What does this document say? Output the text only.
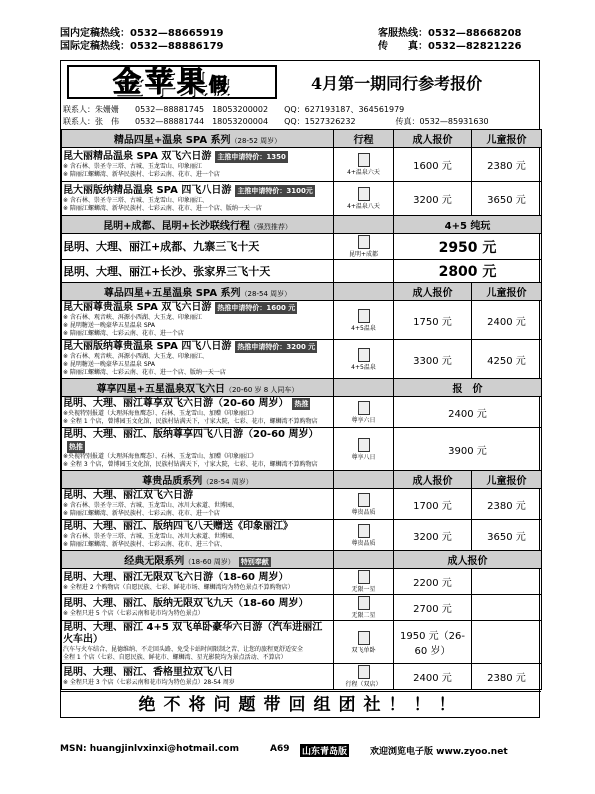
国内定稿热线：0532—88665919
国际定稿热线：0532—88886179
客服热线：0532—88668208
传　　真：0532—82821226
金苹果假	4月第一期同行参考报价
联系人：朱姗姗　　0532—88881745　18053200002　　QQ：627193187、364561979
联系人：张　伟　　0532—88881744　18053200004　　QQ：1527326232　　　　　传真：0532—85931630
精品四星+温泉 SPA 系列（28-52 周岁）	行程	成人报价	儿童报价

昆大丽精品温泉 SPA 双飞六日游 主推申请特价：1350
※ 含石林、崇圣寺三塔、古城、玉龙雪山、印象丽江
※ 陪丽江螺蛳湾、新华民族村、七彩云南、花市、进一个店	4+温泉六天	1600 元	2380 元

昆大丽版纳精品温泉 SPA 四飞八日游 主推申请特价：3100元
※ 含石林、崇圣寺三塔、古城、玉龙雪山、印象丽江、
※ 陪丽江螺蛳湾、新华民族村、七彩云南、花市、进一个店、版纳一天一店	4+温泉八天	3200 元	3650 元
昆明+成都、昆明+长沙联线行程（强烈推荐）		4+5 纯玩	

昆明、大理、丽江+成都、九寨三飞十天	昆明+成都	2950 元	

昆明、大理、丽江+长沙、张家界三飞十天		2800 元	
尊品四星+五星温泉 SPA 系列（28-54 周岁）		成人报价	儿童报价

昆大丽尊贵温泉 SPA 双飞六日游 热推申请特价：1600 元
※ 含石林、观音峡、洱源小西湖、大玉龙、印象丽江
※ 昆明糖送一晚豪华五星温泉 SPA
※ 陪丽江螺蛳湾、七彩云南、花市、进一个店	4+5温泉	1750 元	2400 元

昆大丽版纳尊贵温泉 SPA 四飞八日游 热推申请特价：3200 元
※ 含石林、观音峡、洱源小西湖、大玉龙、印象丽江、
※ 昆明糖送一晚豪华五星温泉 SPA
※ 陪丽江螺蛳湾、七彩云南、花市、进一个店、版纳一天一店	4+5温泉	3300 元	4250 元
尊享四星+五星温泉双飞六日（20-60 岁 8 人同车）		报　价	

昆明、大理、丽江尊享双飞六日游（20-60 周岁） 热推
※央视特别报道（大理洱海鱼鹰态）、石林、玉龙雪山、加赠《印象丽江》
※ 全程 1 个店，曾博园玉文化馆，民族村钻满天下，寸家大院，七彩、花市，螺蛳湾不算购物店	尊享六日	2400 元	

昆明、大理、丽江、版纳尊享四飞八日游（20-60 周岁）热推
※央视特别报道（大理洱海鱼鹰态）、石林、玉龙雪山、加赠《印象丽江》
※ 全程 3 个店，曾博园玉文化馆，民族村钻满天下，寸家大院，七彩、花市，螺蛳湾不算购物店	尊享八日	3900 元	
尊贵品质系列（28-54 周岁）		成人报价	儿童报价

昆明、大理、丽江双飞六日游
※ 含石林、崇圣寺三塔、古城、玉龙雪山、冰川大索道、世博园、
※ 陪丽江螺蛳湾、新华民族村、七彩云南、花市、进一个店	尊贵品质	1700 元	2380 元

昆明、大理、丽江、版纳四飞八天赠送《印象丽江》
※ 含石林、崇圣寺三塔、古城、玉龙雪山、冰川大索道、世博园、
※ 陪丽江螺蛳湾、新华民族村、七彩云南、花市、进三个店、	尊贵品质	3200 元	3650 元
经典无限系列（18-60 周岁） 特别奉献		成人报价	

昆明、大理、丽江无限双飞六日游（18-60 周岁）
※ 全程进 2 个购物店（自愿民族、七彩、鲜花市场、螺蛳湾均为特色景点不算购物店）	无限一星	2200 元	

昆明、大理、丽江、版纳无限双飞九天（18-60 周岁）
※ 全程只进 5 个店（七彩云南和花市均为特色景点）	无限二星	2700 元	

昆明、大理、丽江 4+5 双飞单卧豪华六日游（汽车进丽江火车出）
汽车与火车结合、昆德维纳、不走回头路、免受卡站时间限制之苦、让您的旅程更舒适安全
全程 1 个店（七彩、自愿民族、鲜花市、螺蛳湾、星光影院均为景点活动、不算店）	双飞单卧	1950 元（26-60 岁）	

昆明、大理、丽江、香格里拉双飞八日
※ 全程只进 3 个店（七彩云南和花市均为特色景点）28-54 周岁	行程（双店）	2400 元	2380 元
绝不将问题带回组团社！！！
MSN: huangjinlvxinxi@hotmail.com	A69 山东青岛版	欢迎浏览电子版 www.zyoo.net
